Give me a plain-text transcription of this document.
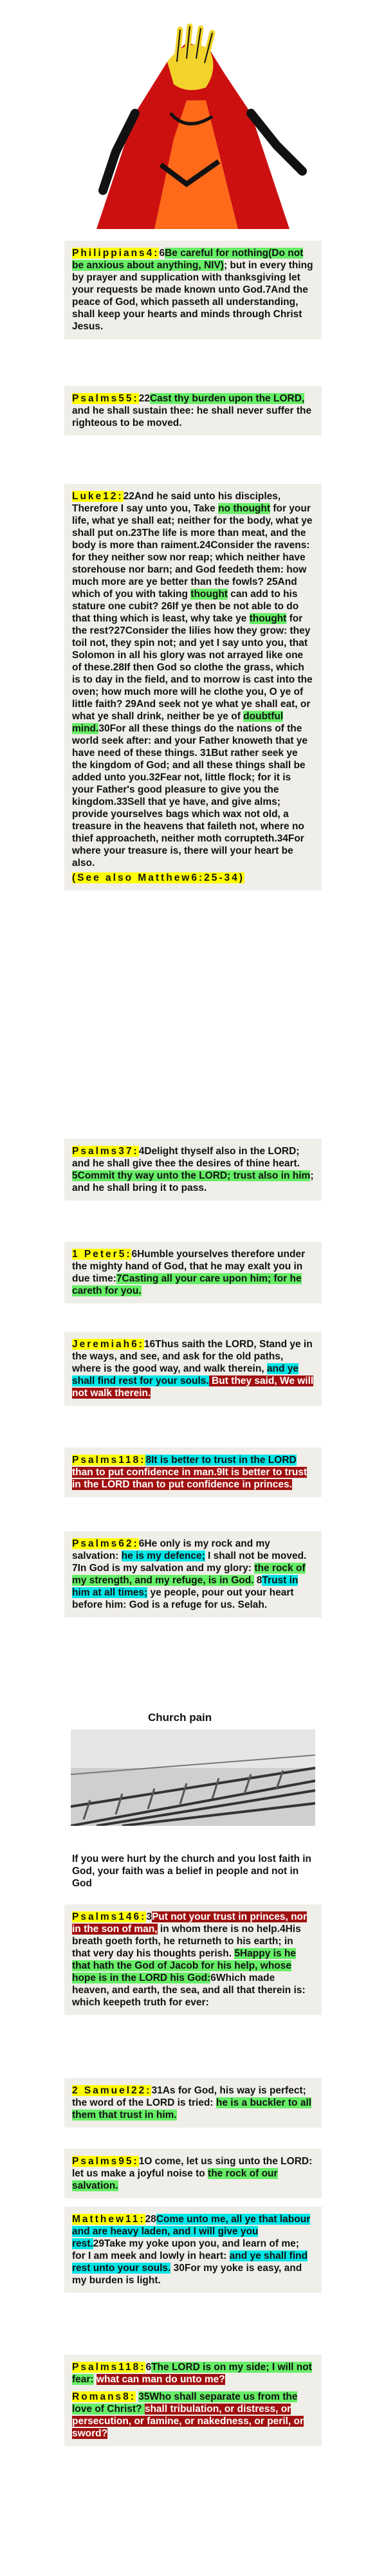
Philippians4:6Be careful for nothing(Do not be anxious about anything, NIV); but in every thing by prayer and supplication with thanksgiving let your requests be made known unto God.7And the peace of God, which passeth all understanding, shall keep your hearts and minds through Christ Jesus.

Psalms55:22Cast thy burden upon the LORD, and he shall sustain thee: he shall never suffer the righteous to be moved.

Luke12:22And he said unto his disciples, Therefore I say unto you, Take no thought for your life, what ye shall eat; neither for the body, what ye shall put on.23The life is more than meat, and the body is more than raiment.24Consider the ravens: for they neither sow nor reap; which neither have storehouse nor barn; and God feedeth them: how much more are ye better than the fowls? 25And which of you with taking thought can add to his stature one cubit? 26If ye then be not able to do that thing which is least, why take ye thought for the rest?27Consider the lilies how they grow: they toil not, they spin not; and yet I say unto you, that Solomon in all his glory was not arrayed like one of these.28If then God so clothe the grass, which is to day in the field, and to morrow is cast into the oven; how much more will he clothe you, O ye of little faith? 29And seek not ye what ye shall eat, or what ye shall drink, neither be ye of doubtful mind.30For all these things do the nations of the world seek after: and your Father knoweth that ye have need of these things. 31But rather seek ye the kingdom of God; and all these things shall be added unto you.32Fear not, little flock; for it is your Father's good pleasure to give you the kingdom.33Sell that ye have, and give alms; provide yourselves bags which wax not old, a treasure in the heavens that faileth not, where no thief approacheth, neither moth corrupteth.34For where your treasure is, there will your heart be also.

(See also Matthew6:25-34)

Psalms37:4Delight thyself also in the LORD; and he shall give thee the desires of thine heart. 5Commit thy way unto the LORD; trust also in him; and he shall bring it to pass.

1 Peter5:6Humble yourselves therefore under the mighty hand of God, that he may exalt you in due time:7Casting all your care upon him; for he careth for you.

Jeremiah6:16Thus saith the LORD, Stand ye in the ways, and see, and ask for the old paths, where is the good way, and walk therein, and ye shall find rest for your souls. But they said, We will not walk therein.

Psalms118:8It is better to trust in the LORD than to put confidence in man.9It is better to trust in the LORD than to put confidence in princes.

Psalms62:6He only is my rock and my salvation: he is my defence; I shall not be moved. 7In God is my salvation and my glory: the rock of my strength, and my refuge, is in God. 8Trust in him at all times; ye people, pour out your heart before him: God is a refuge for us. Selah.

Church pain

If you were hurt by the church and you lost faith in God, your faith was a belief in people and not in God

Psalms146:3Put not your trust in princes, nor in the son of man, in whom there is no help.4His breath goeth forth, he returneth to his earth; in that very day his thoughts perish. 5Happy is he that hath the God of Jacob for his help, whose hope is in the LORD his God:6Which made heaven, and earth, the sea, and all that therein is: which keepeth truth for ever:

2 Samuel22:31As for God, his way is perfect; the word of the LORD is tried: he is a buckler to all them that trust in him.

Psalms95:1O come, let us sing unto the LORD: let us make a joyful noise to the rock of our salvation.

Matthew11:28Come unto me, all ye that labour and are heavy laden, and I will give you rest.29Take my yoke upon you, and learn of me; for I am meek and lowly in heart: and ye shall find rest unto your souls. 30For my yoke is easy, and my burden is light.

Psalms118:6The LORD is on my side; I will not fear: what can man do unto me?

Romans8: 35Who shall separate us from the love of Christ? shall tribulation, or distress, or persecution, or famine, or nakedness, or peril, or sword?
